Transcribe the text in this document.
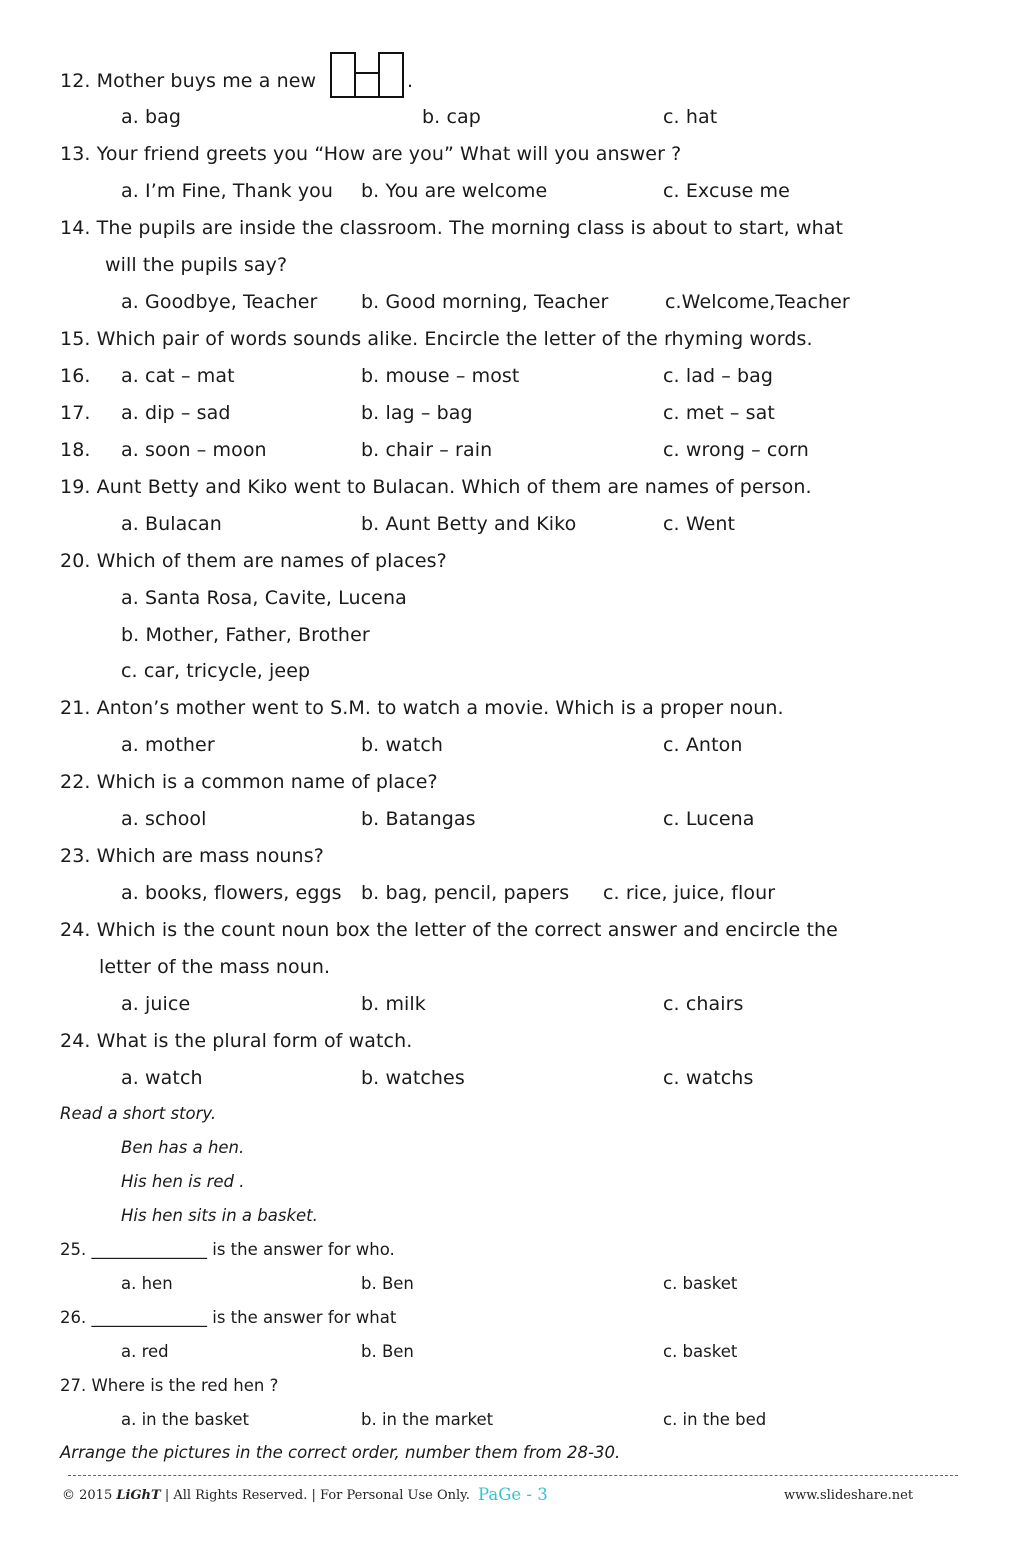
12. Mother buys me a new	.
a. bag	b. cap	c. hat
13. Your friend greets you “How are you” What will you answer ?
a. I’m Fine, Thank you b. You are welcome	c. Excuse me
14. The pupils are inside the classroom. The morning class is about to start, what
will the pupils say?
a. Goodbye, Teacher b. Good morning, Teacher	c.Welcome,Teacher
15. Which pair of words sounds alike. Encircle the letter of the rhyming words.
16. a. cat – mat	b. mouse – most	c. lad – bag
17. a. dip – sad	b. lag – bag	c. met – sat
18. a. soon – moon	b. chair – rain	c. wrong – corn
19. Aunt Betty and Kiko went to Bulacan. Which of them are names of person.
a. Bulacan	b. Aunt Betty and Kiko	c. Went
20. Which of them are names of places?
a. Santa Rosa, Cavite, Lucena
b. Mother, Father, Brother
c. car, tricycle, jeep
21. Anton’s mother went to S.M. to watch a movie. Which is a proper noun.
a. mother	b. watch	c. Anton
22. Which is a common name of place?
a. school	b. Batangas	c. Lucena
23. Which are mass nouns?
a. books, flowers, eggs b. bag, pencil, papers c. rice, juice, flour
24. Which is the count noun box the letter of the correct answer and encircle the
letter of the mass noun.
a. juice	b. milk	c. chairs
24. What is the plural form of watch.
a. watch	b. watches	c. watchs
Read a short story.
Ben has a hen.
His hen is red .
His hen sits in a basket.
25. ______________ is the answer for who.
a. hen	b. Ben	c. basket
26. ______________ is the answer for what
a. red	b. Ben	c. basket
27. Where is the red hen ?
a. in the basket	b. in the market	c. in the bed
Arrange the pictures in the correct order, number them from 28-30.
© 2015 LiGhT | All Rights Reserved. | For Personal Use Only. PaGe - 3	www.slideshare.net
